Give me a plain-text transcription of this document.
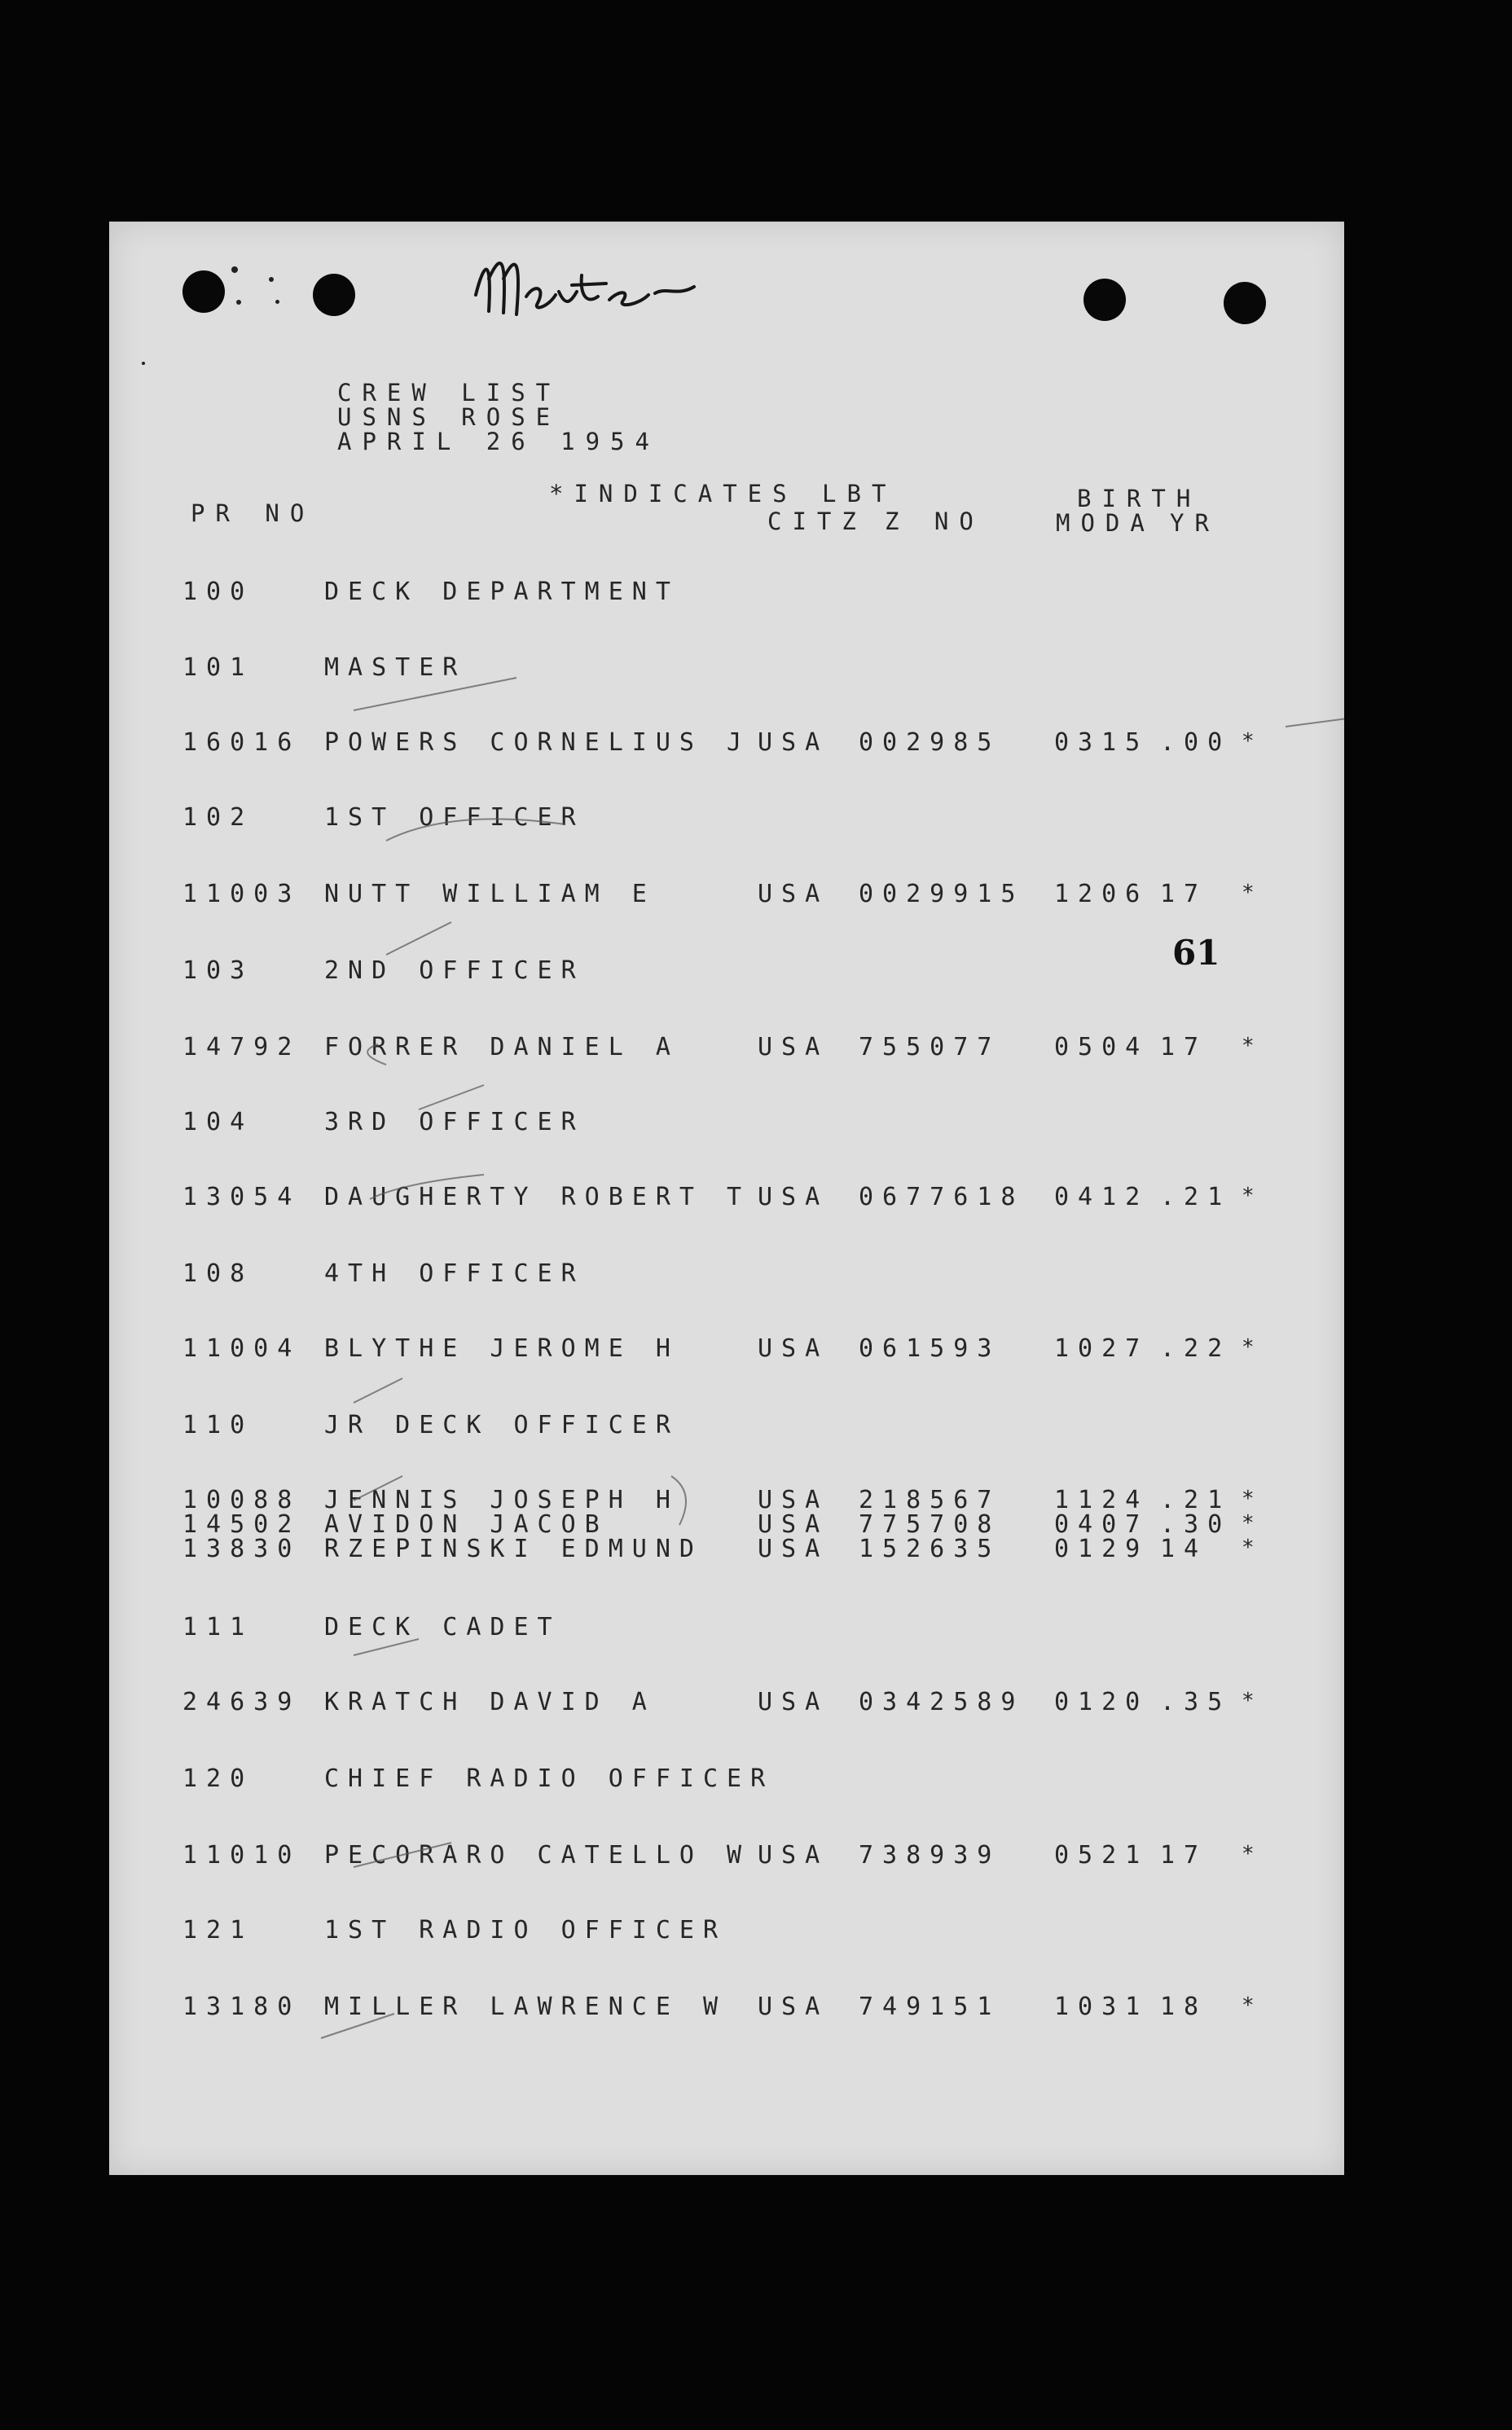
61
CREW LIST
USNS ROSE
APRIL 26 1954
*INDICATES LBT	BIRTH
PR NO	CITZ Z NO	MODA YR
100	DECK DEPARTMENT
101	MASTER
16016 POWERS CORNELIUS J USA 002985 0315 .00 *
102	1ST OFFICER
11003 NUTT WILLIAM E	USA 0029915 1206 17 *
103	2ND OFFICER
14792 FORRER DANIEL A	USA 755077 0504 17 *
104	3RD OFFICER
13054 DAUGHERTY ROBERT T USA 0677618 0412 .21 *
108	4TH OFFICER
11004 BLYTHE JEROME H	USA 061593 1027 .22 *
110	JR DECK OFFICER
10088 JENNIS JOSEPH H	USA 218567 1124 .21 *
14502 AVIDON JACOB	USA 775708 0407 .30 *
13830 RZEPINSKI EDMUND USA 152635 0129 14 *
111	DECK CADET
24639 KRATCH DAVID A	USA 0342589 0120 .35 *
120	CHIEF RADIO OFFICER
11010 PECORARO CATELLO W USA 738939 0521 17 *
121	1ST RADIO OFFICER
13180 MILLER LAWRENCE W USA 749151 1031 18 *
